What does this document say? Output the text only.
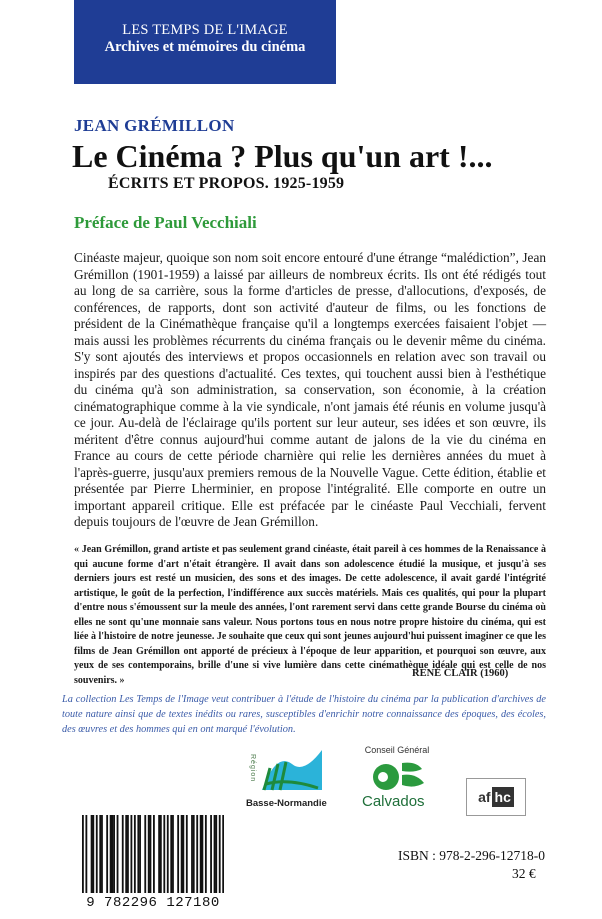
LES TEMPS DE L'IMAGE
Archives et mémoires du cinéma
JEAN GRÉMILLON
Le Cinéma ? Plus qu'un art !...
ÉCRITS ET PROPOS. 1925-1959
Préface de Paul Vecchiali

Cinéaste majeur, quoique son nom soit encore entouré d'une étrange “malédiction”, Jean Grémillon (1901-1959) a laissé par ailleurs de nombreux écrits. Ils ont été rédigés tout au long de sa carrière, sous la forme d'articles de presse, d'allocutions, d'exposés, de conférences, de rapports, dont son activité d'auteur de films, ou les fonctions de président de la Cinémathèque française qu'il a longtemps exercées faisaient l'objet — mais aussi les problèmes récurrents du cinéma français ou le devenir même du cinéma. S'y sont ajoutés des interviews et propos occasionnels en relation avec son travail ou inspirés par des questions d'actualité. Ces textes, qui touchent aussi bien à l'esthétique du cinéma qu'à son administration, sa conservation, son économie, à la création cinématographique comme à la vie syndicale, n'ont jamais été réunis en volume jusqu'à ce jour. Au-delà de l'éclairage qu'ils portent sur leur auteur, ses idées et son œuvre, ils méritent d'être connus aujourd'hui comme autant de jalons de la vie du cinéma en France au cours de cette période charnière qui relie les dernières années du muet à l'après-guerre, jusqu'aux premiers remous de la Nouvelle Vague. Cette édition, établie et présentée par Pierre Lherminier, en propose l'intégralité. Elle comporte en outre un important appareil critique. Elle est préfacée par le cinéaste Paul Vecchiali, fervent depuis toujours de l'œuvre de Jean Grémillon.

« Jean Grémillon, grand artiste et pas seulement grand cinéaste, était pareil à ces hommes de la Renaissance à qui aucune forme d'art n'était étrangère. Il avait dans son adolescence étudié la musique, et jusqu'à ses derniers jours est resté un musicien, des sons et des images. De cette adolescence, il avait gardé l'intégrité artistique, le goût de la perfection, l'indifférence aux succès matériels. Mais ces qualités, qui pour la plupart d'entre nous s'émoussent sur la meule des années, l'ont rarement servi dans cette grande Bourse du cinéma où elles ne sont qu'une monnaie sans valeur. Nous portons tous en nous notre propre histoire du cinéma, qui est liée à l'histoire de notre jeunesse. Je souhaite que ceux qui sont jeunes aujourd'hui puissent imaginer ce que les films de Jean Grémillon ont apporté de précieux à l'époque de leur apparition, et pourquoi son œuvre, aux yeux de ses contemporains, brille d'une si vive lumière dans cette cinémathèque idéale qui est celle de nos souvenirs. »

RENÉ CLAIR (1960)

La collection Les Temps de l'Image veut contribuer à l'étude de l'histoire du cinéma par la publication d'archives de toute nature ainsi que de textes inédits ou rares, susceptibles d'enrichir notre connaissance des époques, des écoles, des œuvres et des hommes qui en ont marqué l'évolution.

Région
Basse-Normandie
Conseil Général
Calvados	af hc
9 782296 127180
ISBN : 978-2-296-12718-0
32 €
